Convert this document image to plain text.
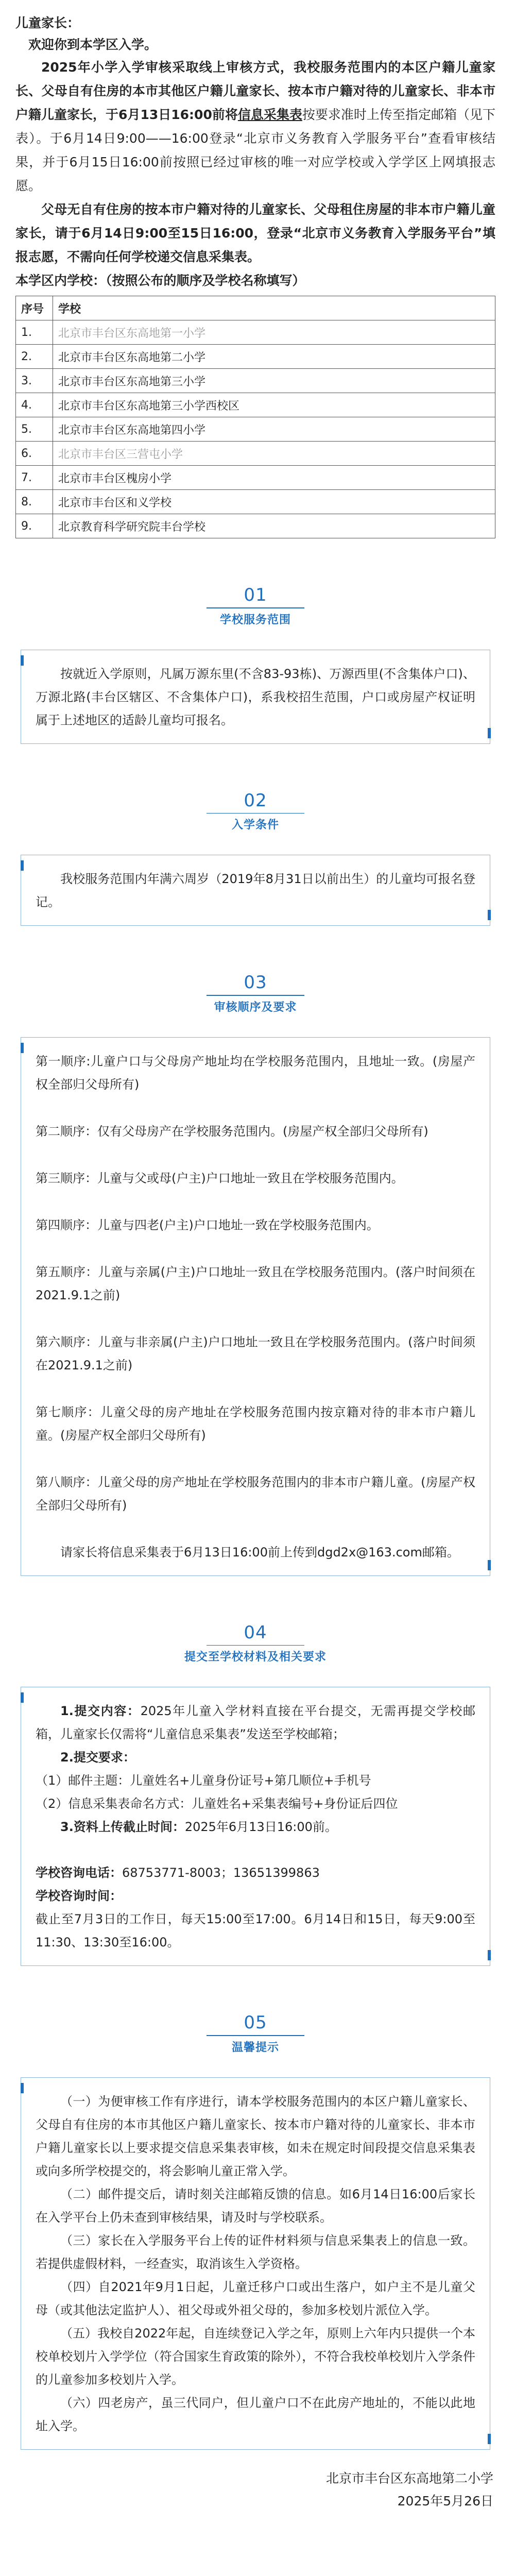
儿童家长：
欢迎你到本学区入学。

2025年小学入学审核采取线上审核方式，我校服务范围内的本区户籍儿童家长、父母自有住房的本市其他区户籍儿童家长、按本市户籍对待的儿童家长、非本市户籍儿童家长，于6月13日16:00前将信息采集表按要求准时上传至指定邮箱（见下表）。于6月14日9:00——16:00登录“北京市义务教育入学服务平台”查看审核结果，并于6月15日16:00前按照已经过审核的唯一对应学校或入学学区上网填报志愿。

父母无自有住房的按本市户籍对待的儿童家长、父母租住房屋的非本市户籍儿童家长，请于6月14日9:00至15日16:00，登录“北京市义务教育入学服务平台”填报志愿，不需向任何学校递交信息采集表。

本学区内学校：（按照公布的顺序及学校名称填写）

序号	学校
1.	北京市丰台区东高地第一小学
2.	北京市丰台区东高地第二小学
3.	北京市丰台区东高地第三小学
4.	北京市丰台区东高地第三小学西校区
5.	北京市丰台区东高地第四小学
6.	北京市丰台区三营屯小学
7.	北京市丰台区槐房小学
8.	北京市丰台区和义学校
9.	北京教育科学研究院丰台学校
01
学校服务范围

按就近入学原则，凡属万源东里(不含83-93栋)、万源西里(不含集体户口)、万源北路(丰台区辖区、不含集体户口)，系我校招生范围，户口或房屋产权证明属于上述地区的适龄儿童均可报名。

02
入学条件

我校服务范围内年满六周岁（2019年8月31日以前出生）的儿童均可报名登记。

03
审核顺序及要求

第一顺序:儿童户口与父母房产地址均在学校服务范围内，且地址一致。(房屋产权全部归父母所有)

第二顺序：仅有父母房产在学校服务范围内。(房屋产权全部归父母所有)

第三顺序：儿童与父或母(户主)户口地址一致且在学校服务范围内。

第四顺序：儿童与四老(户主)户口地址一致在学校服务范围内。

第五顺序：儿童与亲属(户主)户口地址一致且在学校服务范围内。(落户时间须在2021.9.1之前)

第六顺序：儿童与非亲属(户主)户口地址一致且在学校服务范围内。(落户时间须在2021.9.1之前)

第七顺序：儿童父母的房产地址在学校服务范围内按京籍对待的非本市户籍儿童。(房屋产权全部归父母所有)

第八顺序：儿童父母的房产地址在学校服务范围内的非本市户籍儿童。(房屋产权全部归父母所有)

请家长将信息采集表于6月13日16:00前上传到dgd2x@163.com邮箱。

04
提交至学校材料及相关要求

1.提交内容：2025年儿童入学材料直接在平台提交，无需再提交学校邮箱，儿童家长仅需将“儿童信息采集表”发送至学校邮箱；

2.提交要求：

（1）邮件主题：儿童姓名+儿童身份证号+第几顺位+手机号

（2）信息采集表命名方式：儿童姓名+采集表编号+身份证后四位

3.资料上传截止时间：2025年6月13日16:00前。

学校咨询电话：68753771-8003；13651399863

学校咨询时间：

截止至7月3日的工作日，每天15:00至17:00。6月14日和15日，每天9:00至11:30、13:30至16:00。

05
温馨提示

（一）为便审核工作有序进行，请本学校服务范围内的本区户籍儿童家长、父母自有住房的本市其他区户籍儿童家长、按本市户籍对待的儿童家长、非本市户籍儿童家长以上要求提交信息采集表审核，如未在规定时间段提交信息采集表或向多所学校提交的，将会影响儿童正常入学。

（二）邮件提交后，请时刻关注邮箱反馈的信息。如6月14日16:00后家长在入学平台上仍未查到审核结果，请及时与学校联系。

（三）家长在入学服务平台上传的证件材料须与信息采集表上的信息一致。若提供虚假材料，一经查实，取消该生入学资格。

（四）自2021年9月1日起，儿童迁移户口或出生落户，如户主不是儿童父母（或其他法定监护人）、祖父母或外祖父母的，参加多校划片派位入学。

（五）我校自2022年起，自连续登记入学之年，原则上六年内只提供一个本校单校划片入学学位（符合国家生育政策的除外），不符合我校单校划片入学条件的儿童参加多校划片入学。

（六）四老房产，虽三代同户，但儿童户口不在此房产地址的，不能以此地址入学。

北京市丰台区东高地第二小学
2025年5月26日
